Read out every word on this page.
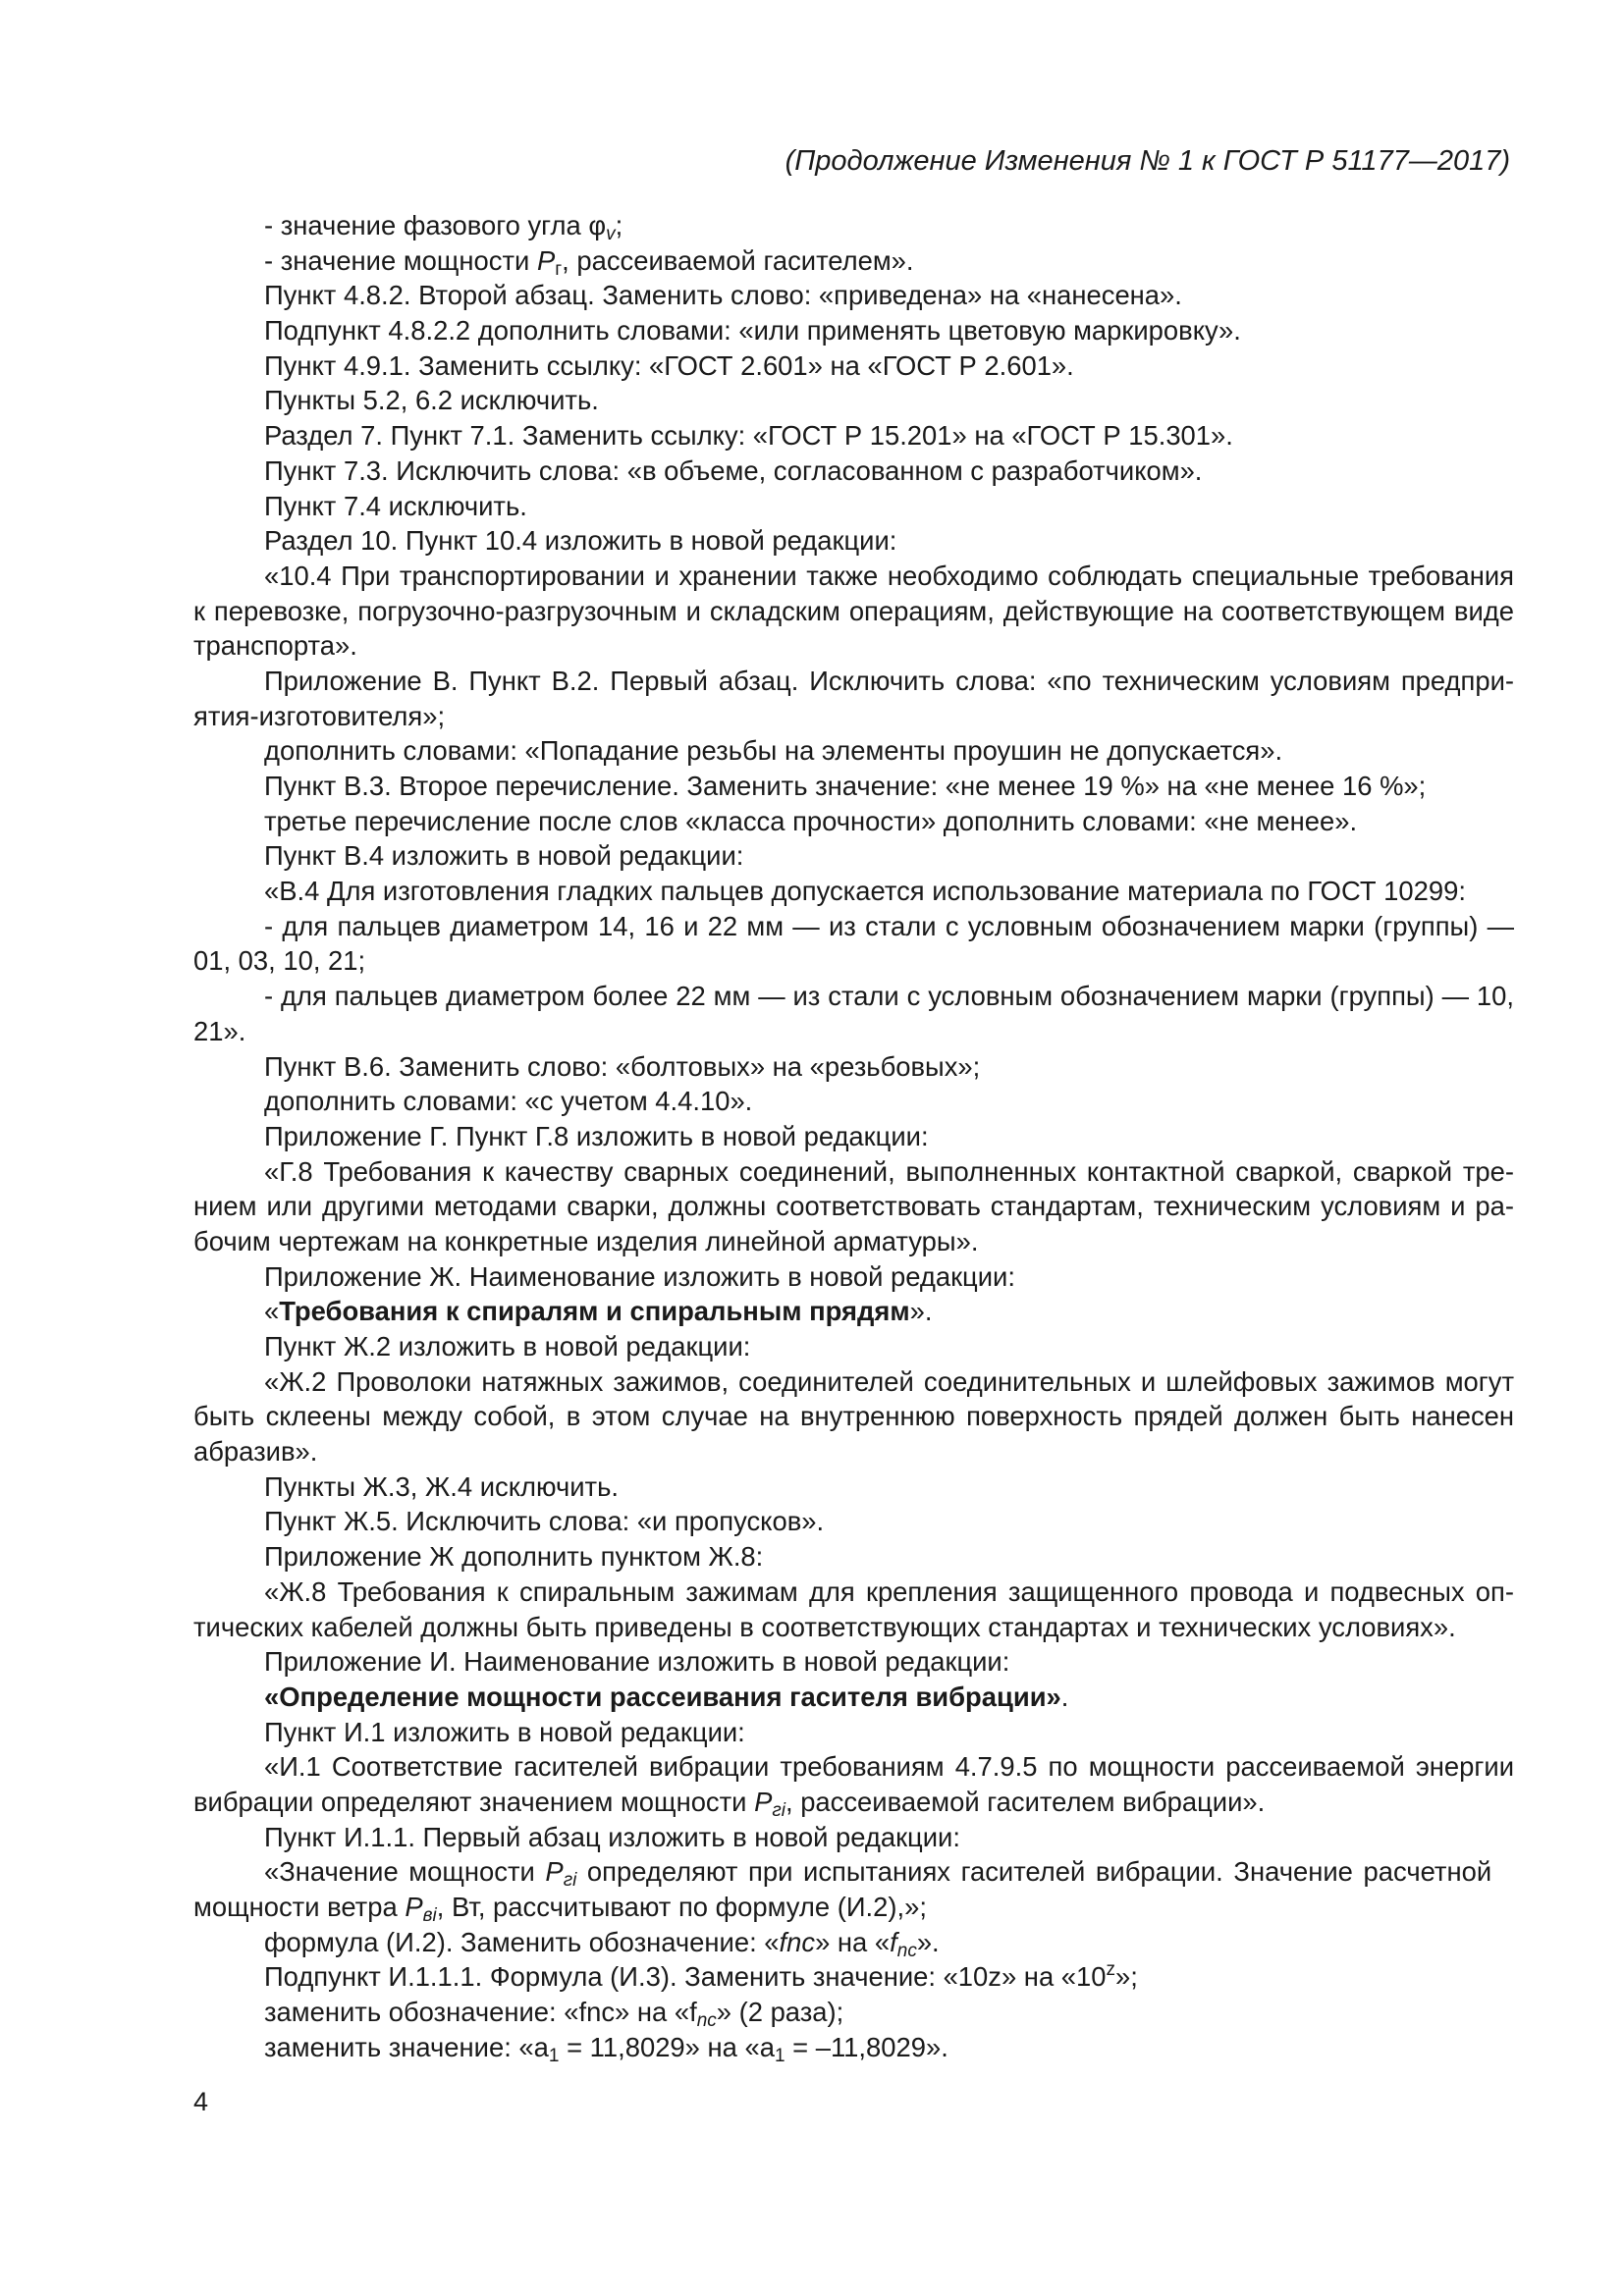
(Продолжение Изменения № 1 к ГОСТ Р 51177—2017)
- значение фазового угла $\varphi_v$;
- значение мощности $P_г$, рассеиваемой гасителем».
Пункт 4.8.2. Второй абзац. Заменить слово: «приведена» на «нанесена».
Подпункт 4.8.2.2 дополнить словами: «или применять цветовую маркировку».
Пункт 4.9.1. Заменить ссылку: «ГОСТ 2.601» на «ГОСТ Р 2.601».
Пункты 5.2, 6.2 исключить.
Раздел 7. Пункт 7.1. Заменить ссылку: «ГОСТ Р 15.201» на «ГОСТ Р 15.301».
Пункт 7.3. Исключить слова: «в объеме, согласованном с разработчиком».
Пункт 7.4 исключить.
Раздел 10. Пункт 10.4 изложить в новой редакции:
«10.4 При транспортировании и хранении также необходимо соблюдать специальные требования
к перевозке, погрузочно-разгрузочным и складским операциям, действующие на соответствующем виде
транспорта».
Приложение В. Пункт В.2. Первый абзац. Исключить слова: «по техническим условиям предпри-
ятия-изготовителя»;
дополнить словами: «Попадание резьбы на элементы проушин не допускается».
Пункт В.3. Второе перечисление. Заменить значение: «не менее 19 %» на «не менее 16 %»;
третье перечисление после слов «класса прочности» дополнить словами: «не менее».
Пункт В.4 изложить в новой редакции:
«В.4 Для изготовления гладких пальцев допускается использование материала по ГОСТ 10299:
- для пальцев диаметром 14, 16 и 22 мм — из стали с условным обозначением марки (группы) —
01, 03, 10, 21;
- для пальцев диаметром более 22 мм — из стали с условным обозначением марки (группы) — 10,
21».
Пункт В.6. Заменить слово: «болтовых» на «резьбовых»;
дополнить словами: «с учетом 4.4.10».
Приложение Г. Пункт Г.8 изложить в новой редакции:
«Г.8 Требования к качеству сварных соединений, выполненных контактной сваркой, сваркой тре-
нием или другими методами сварки, должны соответствовать стандартам, техническим условиям и ра-
бочим чертежам на конкретные изделия линейной арматуры».
Приложение Ж. Наименование изложить в новой редакции:
«Требования к спиралям и спиральным прядям».
Пункт Ж.2 изложить в новой редакции:
«Ж.2 Проволоки натяжных зажимов, соединителей соединительных и шлейфовых зажимов могут
быть склеены между собой, в этом случае на внутреннюю поверхность прядей должен быть нанесен
абразив».
Пункты Ж.3, Ж.4 исключить.
Пункт Ж.5. Исключить слова: «и пропусков».
Приложение Ж дополнить пунктом Ж.8:
«Ж.8 Требования к спиральным зажимам для крепления защищенного провода и подвесных оп-
тических кабелей должны быть приведены в соответствующих стандартах и технических условиях».
Приложение И. Наименование изложить в новой редакции:
«Определение мощности рассеивания гасителя вибрации».
Пункт И.1 изложить в новой редакции:
«И.1 Соответствие гасителей вибрации требованиям 4.7.9.5 по мощности рассеиваемой энергии
вибрации определяют значением мощности $P_{гi}$, рассеиваемой гасителем вибрации».
Пункт И.1.1. Первый абзац изложить в новой редакции:
«Значение мощности $P_{гi}$ определяют при испытаниях гасителей вибрации. Значение расчетной
мощности ветра $P_{вi}$, Вт, рассчитывают по формуле (И.2),»;
формула (И.2). Заменить обозначение: «fnc» на «$f_{nc}$».
Подпункт И.1.1.1. Формула (И.3). Заменить значение: «10z» на «10$^z$»;
заменить обозначение: «fnc» на «$f_{nc}$» (2 раза);
заменить значение: «$a_1 = 11,8029$» на «$a_1 = -11,8029$».
4
